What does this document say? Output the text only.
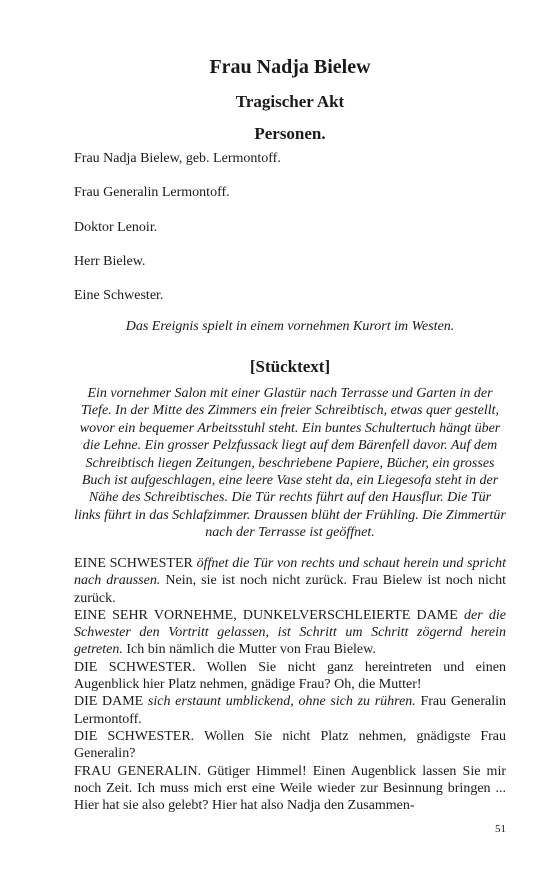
Frau Nadja Bielew
Tragischer Akt
Personen.
Frau Nadja Bielew, geb. Lermontoff.
Frau Generalin Lermontoff.
Doktor Lenoir.
Herr Bielew.
Eine Schwester.
Das Ereignis spielt in einem vornehmen Kurort im Westen.
[Stücktext]
Ein vornehmer Salon mit einer Glastür nach Terrasse und Garten in der Tiefe. In der Mitte des Zimmers ein freier Schreibtisch, etwas quer gestellt, wovor ein bequemer Arbeitsstuhl steht. Ein buntes Schultertuch hängt über die Lehne. Ein grosser Pelzfussack liegt auf dem Bärenfell davor. Auf dem Schreibtisch liegen Zeitungen, beschriebene Papiere, Bücher, ein grosses Buch ist aufgeschlagen, eine leere Vase steht da, ein Liegesofa steht in der Nähe des Schreibtisches. Die Tür rechts führt auf den Hausflur. Die Tür links führt in das Schlafzimmer. Draussen blüht der Frühling. Die Zimmertür nach der Terrasse ist geöffnet.

EINE SCHWESTER öffnet die Tür von rechts und schaut herein und spricht nach draussen. Nein, sie ist noch nicht zurück. Frau Bielew ist noch nicht zurück.

EINE SEHR VORNEHME, DUNKELVERSCHLEIERTE DAME der die Schwester den Vortritt gelassen, ist Schritt um Schritt zögernd herein getreten. Ich bin nämlich die Mutter von Frau Bielew.

DIE SCHWESTER. Wollen Sie nicht ganz hereintreten und einen Augenblick hier Platz nehmen, gnädige Frau? Oh, die Mutter!

DIE DAME sich erstaunt umblickend, ohne sich zu rühren. Frau Generalin Lermontoff.

DIE SCHWESTER. Wollen Sie nicht Platz nehmen, gnädigste Frau Generalin?

FRAU GENERALIN. Gütiger Himmel! Einen Augenblick lassen Sie mir noch Zeit. Ich muss mich erst eine Weile wieder zur Besinnung bringen ... Hier hat sie also gelebt? Hier hat also Nadja den Zusammen-

51
